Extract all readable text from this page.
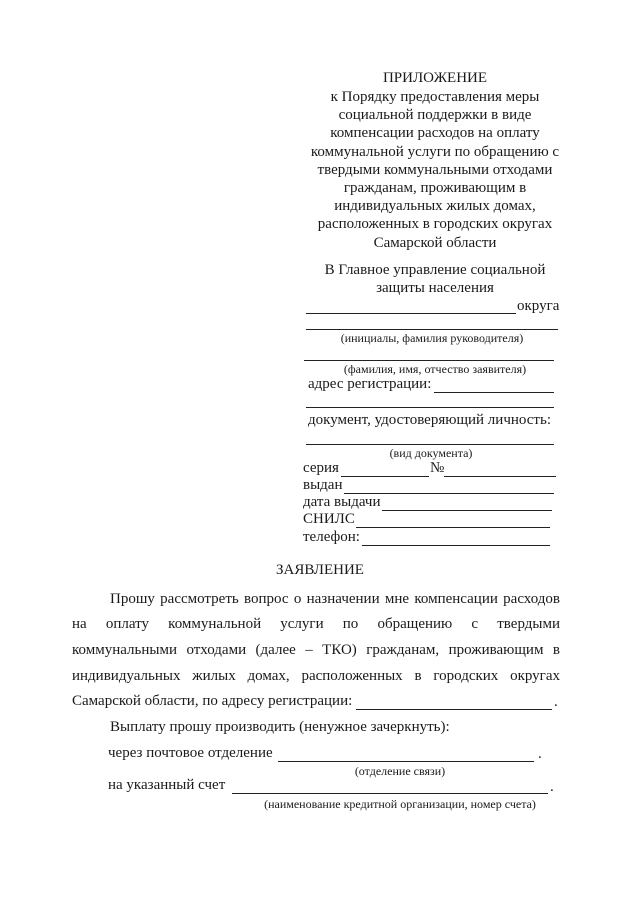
ПРИЛОЖЕНИЕ
к Порядку предоставления меры
социальной поддержки в виде
компенсации расходов на оплату
коммунальной услуги по обращению с
твердыми коммунальными отходами
гражданам, проживающим в
индивидуальных жилых домах,
расположенных в городских округах
Самарской области
В Главное управление социальной
защиты населения
округа
(инициалы, фамилия руководителя)
(фамилия, имя, отчество заявителя)
адрес регистрации:
документ, удостоверяющий личность:
(вид документа)
серия	№
выдан
дата выдачи
СНИЛС
телефон:
ЗАЯВЛЕНИЕ
Прошу рассмотреть вопрос о назначении мне компенсации расходов
на оплату коммунальной услуги по обращению с твердыми
коммунальными отходами (далее – ТКО) гражданам, проживающим в
индивидуальных жилых домах, расположенных в городских округах
Самарской области, по адресу регистрации:	.
Выплату прошу производить (ненужное зачеркнуть):
через почтовое отделение	.
(отделение связи)
на указанный счет	.
(наименование кредитной организации, номер счета)
